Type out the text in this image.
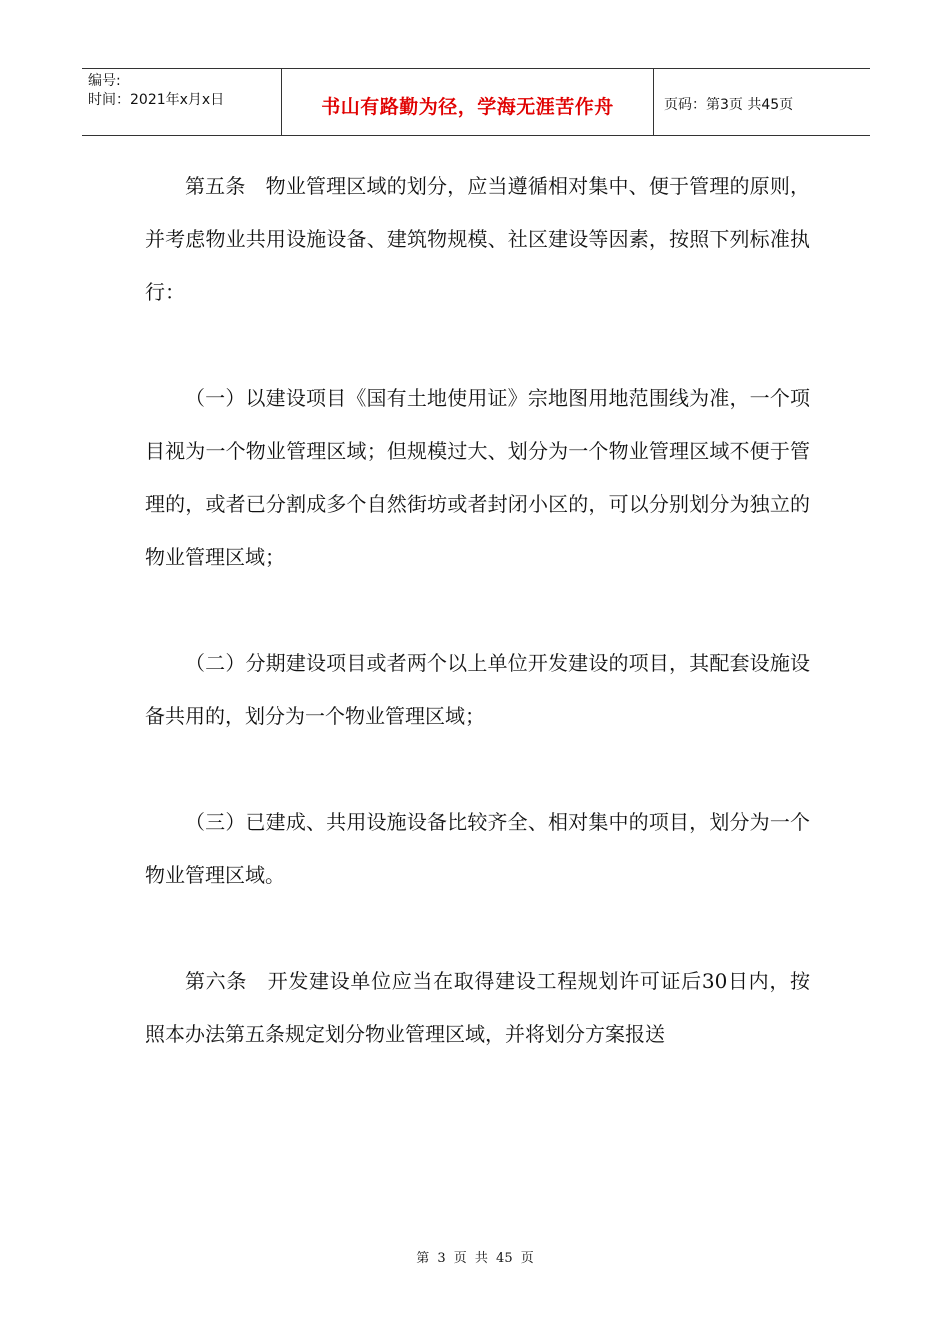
编号:
时间：2021年x月x日	书山有路勤为径，学海无涯苦作舟	页码：第3页 共45页

第五条　物业管理区域的划分，应当遵循相对集中、便于管理的原则，并考虑物业共用设施设备、建筑物规模、社区建设等因素，按照下列标准执行：

（一）以建设项目《国有土地使用证》宗地图用地范围线为准，一个项目视为一个物业管理区域；但规模过大、划分为一个物业管理区域不便于管理的，或者已分割成多个自然街坊或者封闭小区的，可以分别划分为独立的物业管理区域；

（二）分期建设项目或者两个以上单位开发建设的项目，其配套设施设备共用的，划分为一个物业管理区域；

（三）已建成、共用设施设备比较齐全、相对集中的项目，划分为一个物业管理区域。

第六条　开发建设单位应当在取得建设工程规划许可证后30日内，按照本办法第五条规定划分物业管理区域，并将划分方案报送

第 3 页 共 45 页
